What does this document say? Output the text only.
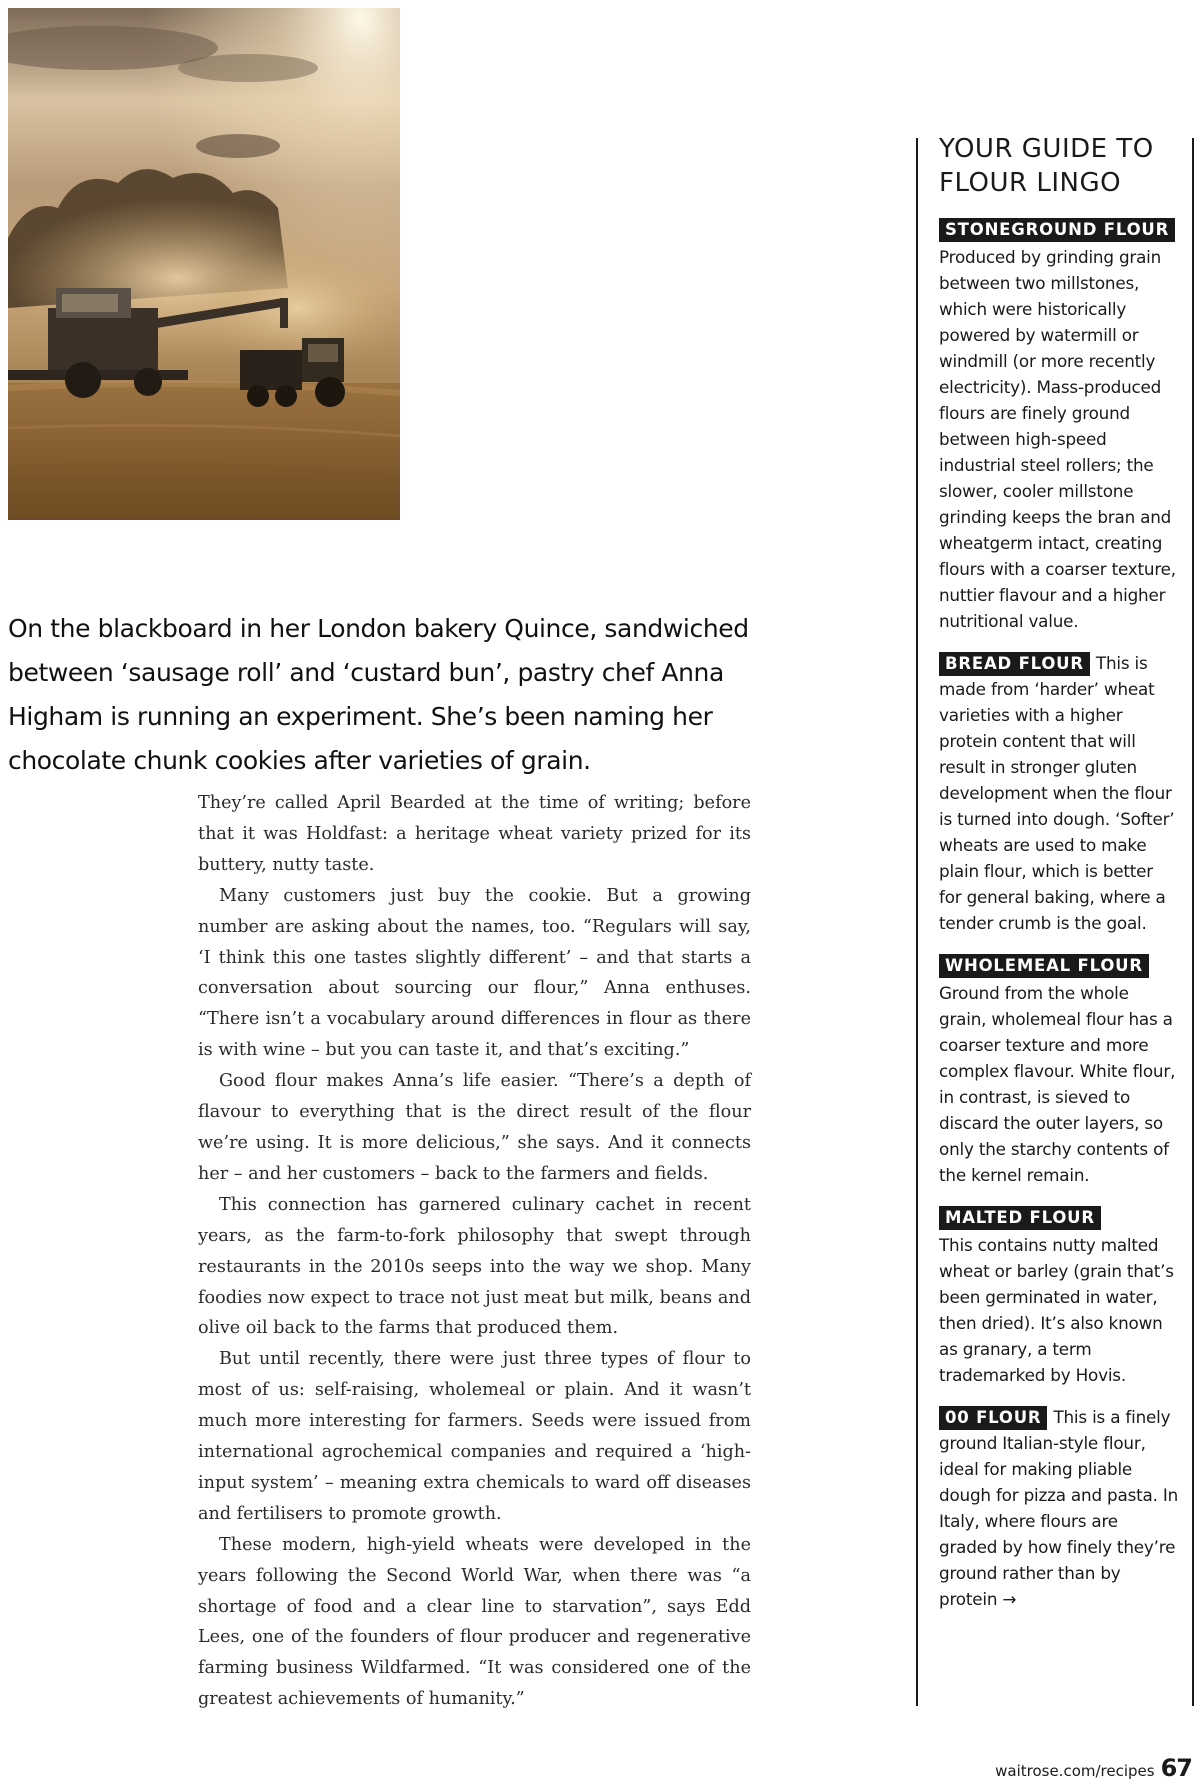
On the blackboard in her London bakery Quince, sandwiched between ‘sausage roll’ and ‘custard bun’, pastry chef Anna Higham is running an experiment. She’s been naming her chocolate chunk cookies after varieties of grain.

They’re called April Bearded at the time of writing; before that it was Holdfast: a heritage wheat variety prized for its buttery, nutty taste.

Many customers just buy the cookie. But a growing number are asking about the names, too. “Regulars will say, ‘I think this one tastes slightly different’ – and that starts a conversation about sourcing our flour,” Anna enthuses. “There isn’t a vocabulary around differences in flour as there is with wine – but you can taste it, and that’s exciting.”

Good flour makes Anna’s life easier. “There’s a depth of flavour to everything that is the direct result of the flour we’re using. It is more delicious,” she says. And it connects her – and her customers – back to the farmers and fields.

This connection has garnered culinary cachet in recent years, as the farm-to-fork philosophy that swept through restaurants in the 2010s seeps into the way we shop. Many foodies now expect to trace not just meat but milk, beans and olive oil back to the farms that produced them.

But until recently, there were just three types of flour to most of us: self-raising, wholemeal or plain. And it wasn’t much more interesting for farmers. Seeds were issued from international agrochemical companies and required a ‘high-input system’ – meaning extra chemicals to ward off diseases and fertilisers to promote growth.

These modern, high-yield wheats were developed in the years following the Second World War, when there was “a shortage of food and a clear line to starvation”, says Edd Lees, one of the founders of flour producer and regenerative farming business Wildfarmed. “It was considered one of the greatest achievements of humanity.”

YOUR GUIDE TO
FLOUR LINGO
STONEGROUND FLOUR
Produced by grinding grain between two millstones, which were historically powered by watermill or windmill (or more recently electricity). Mass-produced flours are finely ground between high-speed industrial steel rollers; the slower, cooler millstone grinding keeps the bran and wheatgerm intact, creating flours with a coarser texture, nuttier flavour and a higher nutritional value.
BREAD FLOUR This is made from ‘harder’ wheat varieties with a higher protein content that will result in stronger gluten development when the flour is turned into dough. ‘Softer’ wheats are used to make plain flour, which is better for general baking, where a tender crumb is the goal.
WHOLEMEAL FLOUR
Ground from the whole grain, wholemeal flour has a coarser texture and more complex flavour. White flour, in contrast, is sieved to discard the outer layers, so only the starchy contents of the kernel remain.
MALTED FLOUR
This contains nutty malted wheat or barley (grain that’s been germinated in water, then dried). It’s also known as granary, a term trademarked by Hovis.
00 FLOUR This is a finely ground Italian-style flour, ideal for making pliable dough for pizza and pasta. In Italy, where flours are graded by how finely they’re ground rather than by protein →
waitrose.com/recipes 67
